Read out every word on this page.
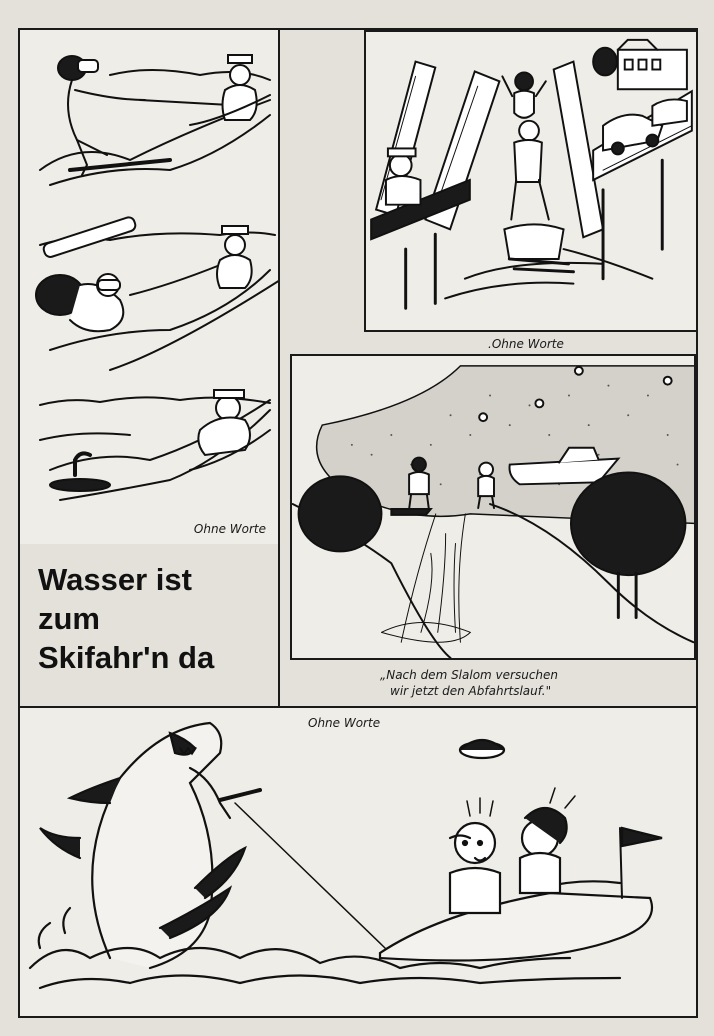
Ohne Worte
Wasser ist
zum
Skifahr'n da
.Ohne Worte
„Nach dem Slalom versuchen
wir jetzt den Abfahrtslauf."
Ohne Worte
